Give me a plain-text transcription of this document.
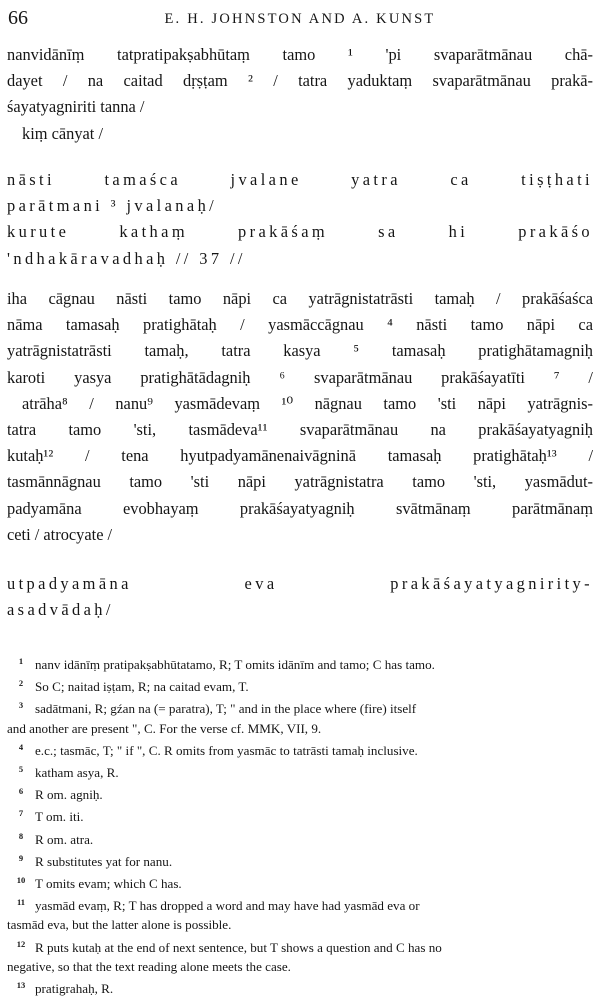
66	E. H. JOHNSTON AND A. KUNST
nanvidānīṃ tatpratipakṣabhūtaṃ tamo ¹ 'pi svaparātmānau chā-
dayet / na caitad dṛṣṭam ² / tatra yaduktaṃ svaparātmānau prakā-
śayatyagniriti tanna /
kiṃ cānyat /
nāsti tamaśca jvalane yatra ca tiṣṭhati
parātmani ³ jvalanaḥ/
kurute kathaṃ prakāśaṃ sa hi prakāśo
'ndhakāravadhaḥ // 37 //
iha cāgnau nāsti tamo nāpi ca yatrāgnistatrāsti tamaḥ / prakāśaśca
nāma tamasaḥ pratighātaḥ / yasmāccāgnau ⁴ nāsti tamo nāpi ca
yatrāgnistatrāsti tamaḥ, tatra kasya ⁵ tamasaḥ pratighātamagniḥ
karoti yasya pratighātādagniḥ ⁶ svaparātmānau prakāśayatīti ⁷ /
atrāha⁸ / nanu⁹ yasmādevaṃ ¹⁰ nāgnau tamo 'sti nāpi yatrāgnis-
tatra tamo 'sti, tasmādeva¹¹ svaparātmānau na prakāśayatyagniḥ
kutaḥ¹² / tena hyutpadyamānenaivāgninā tamasaḥ pratighātaḥ¹³ /
tasmānnāgnau tamo 'sti nāpi yatrāgnistatra tamo 'sti, yasmādut-
padyamāna evobhayaṃ prakāśayatyagniḥ svātmānaṃ parātmānaṃ
ceti / atrocyate /
utpadyamāna eva prakāśayatyagnirity-
asadvādaḥ/
1 nanv idānīṃ pratipakṣabhūtatamo, R; T omits idānīm and tamo; C has tamo.
2 So C; naitad iṣṭam, R; na caitad evam, T.
3 sadātmani, R; gźan na (= paratra), T; " and in the place where (fire) itself
and another are present ", C. For the verse cf. MMK, VII, 9.
4 e.c.; tasmāc, T; " if ", C. R omits from yasmāc to tatrāsti tamaḥ inclusive.
5 katham asya, R.
6 R om. agniḥ.
7 T om. iti.
8 R om. atra.
9 R substitutes yat for nanu.
10 T omits evam; which C has.
11 yasmād evaṃ, R; T has dropped a word and may have had yasmād eva or
tasmād eva, but the latter alone is possible.
12 R puts kutaḥ at the end of next sentence, but T shows a question and C has no
negative, so that the text reading alone meets the case.
13 pratigrahaḥ, R.
